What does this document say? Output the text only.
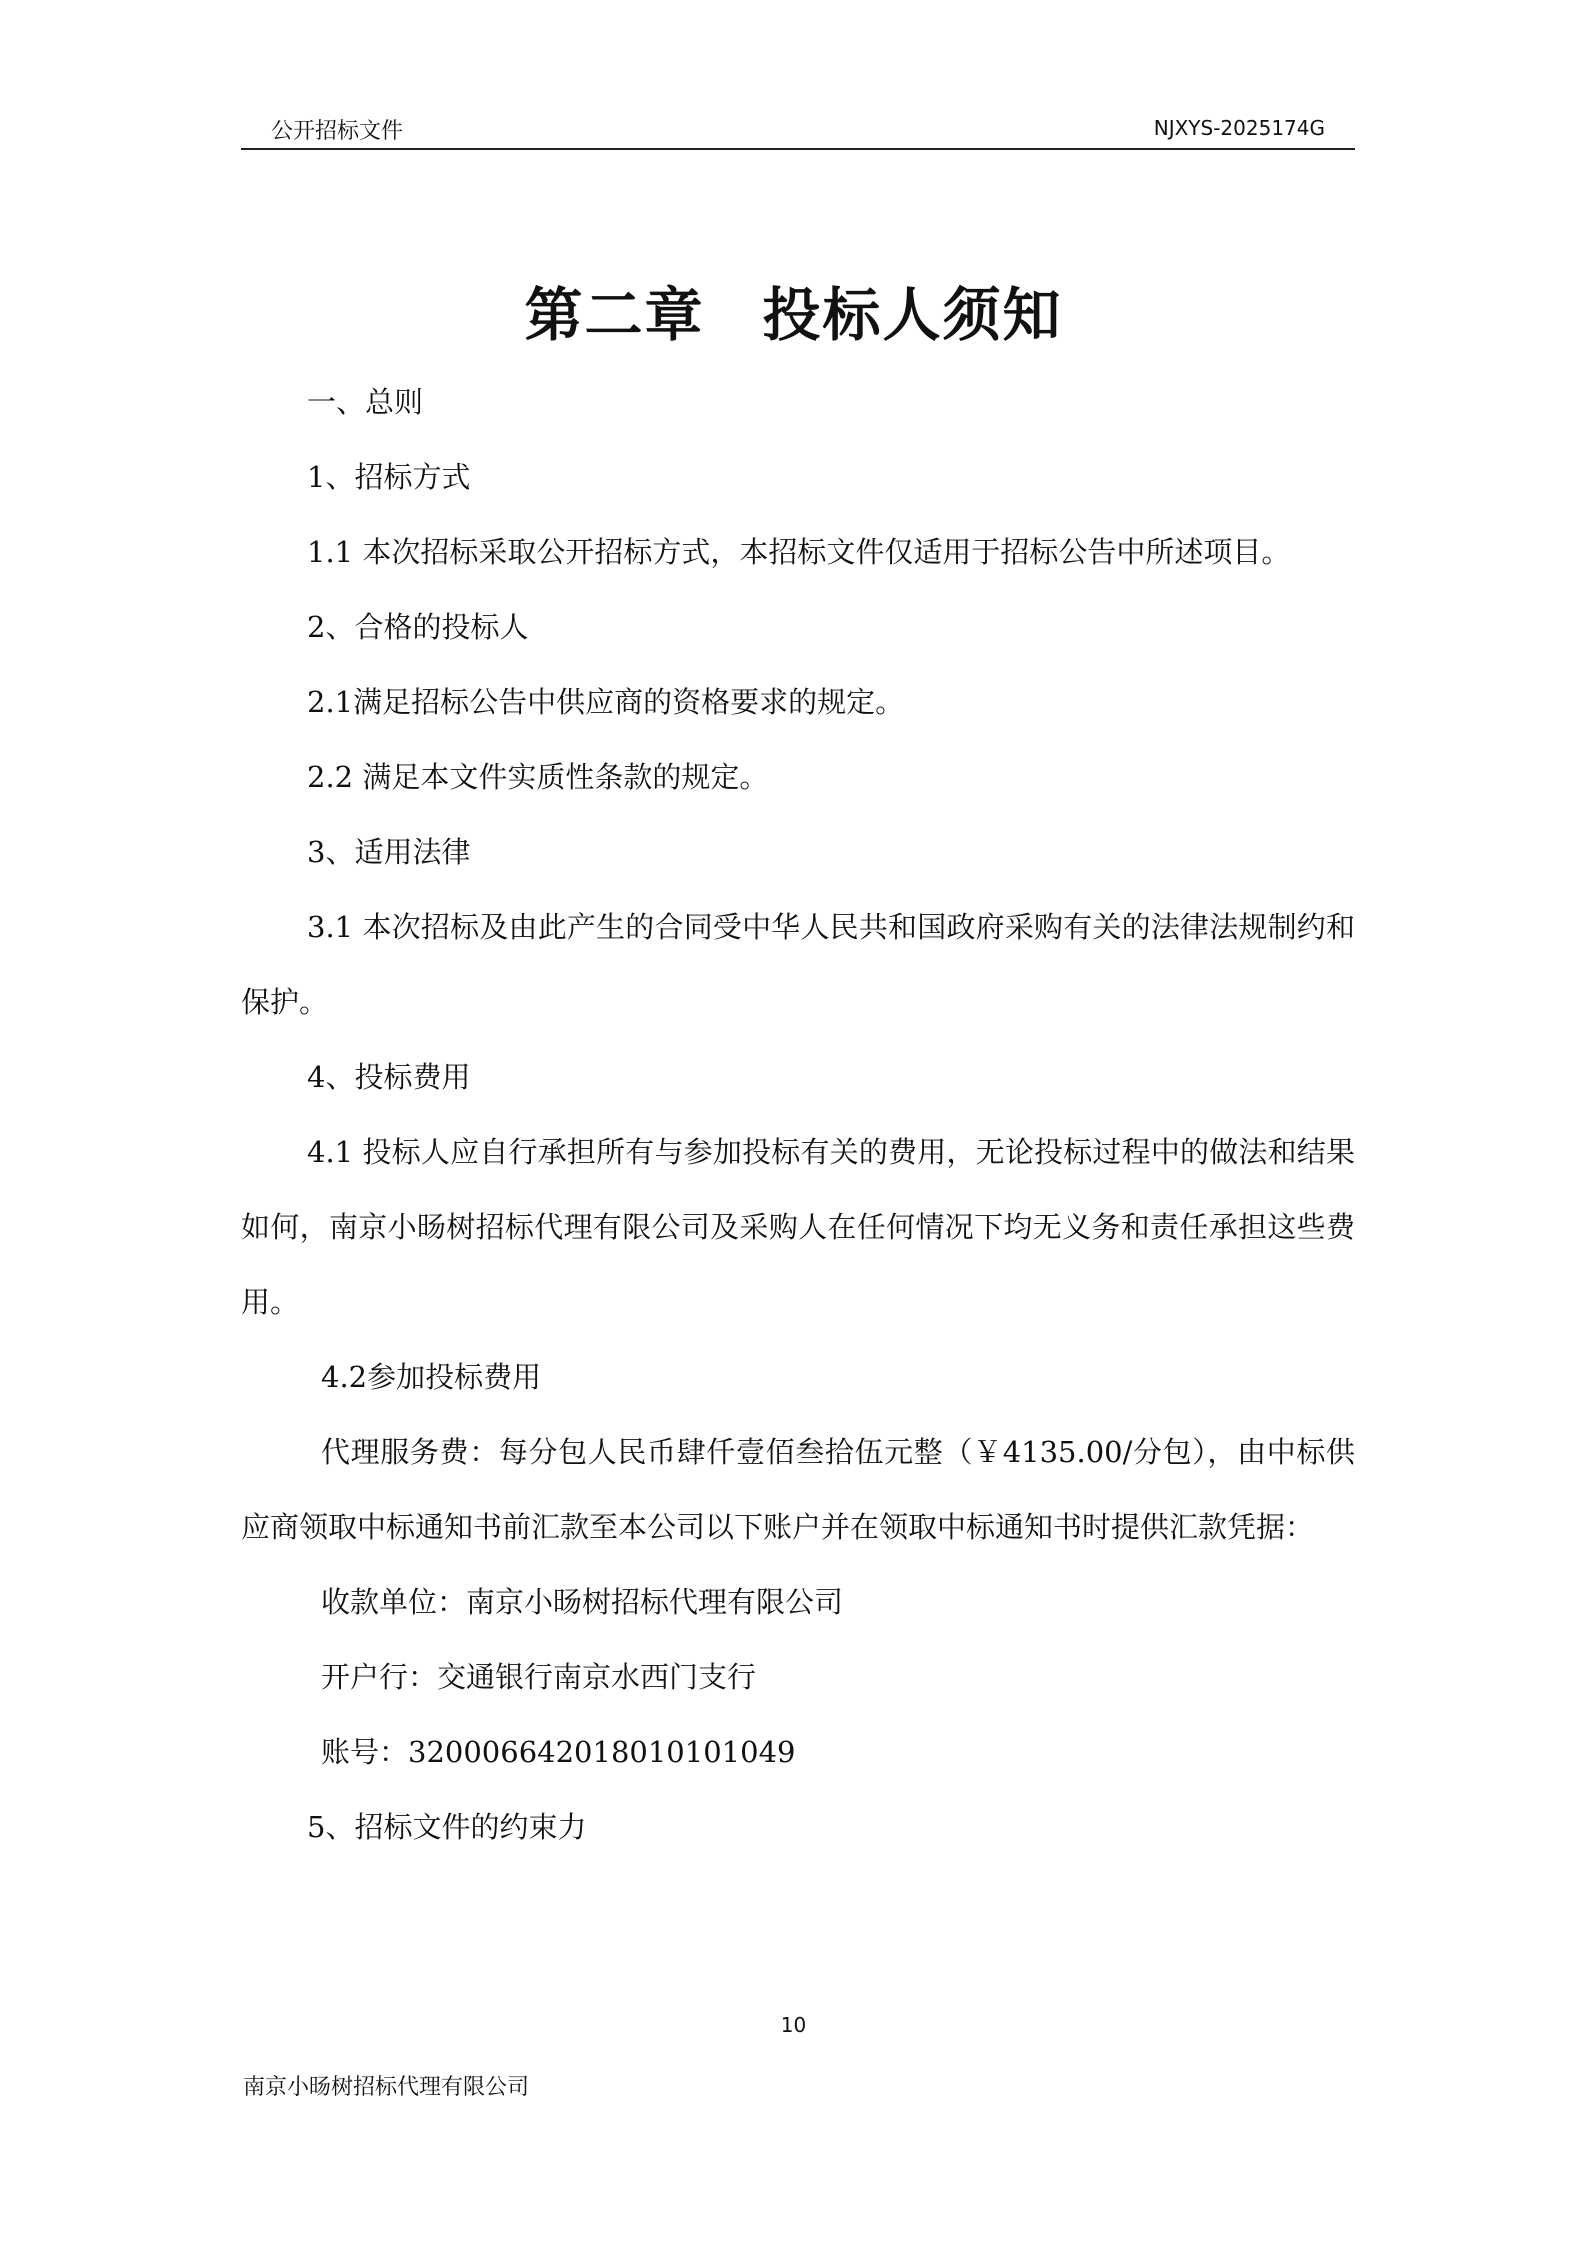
公开招标文件	NJXYS-2025174G
第二章 投标人须知

一、总则

1、招标方式

1.1 本次招标采取公开招标方式，本招标文件仅适用于招标公告中所述项目。

2、合格的投标人

2.1满足招标公告中供应商的资格要求的规定。

2.2 满足本文件实质性条款的规定。

3、适用法律

3.1 本次招标及由此产生的合同受中华人民共和国政府采购有关的法律法规制约和保护。

4、投标费用

4.1 投标人应自行承担所有与参加投标有关的费用，无论投标过程中的做法和结果如何，南京小旸树招标代理有限公司及采购人在任何情况下均无义务和责任承担这些费用。

4.2参加投标费用

代理服务费：每分包人民币肆仟壹佰叁拾伍元整（￥4135.00/分包），由中标供应商领取中标通知书前汇款至本公司以下账户并在领取中标通知书时提供汇款凭据：

收款单位：南京小旸树招标代理有限公司

开户行：交通银行南京水西门支行

账号：320006642018010101049

5、招标文件的约束力

10
南京小旸树招标代理有限公司
